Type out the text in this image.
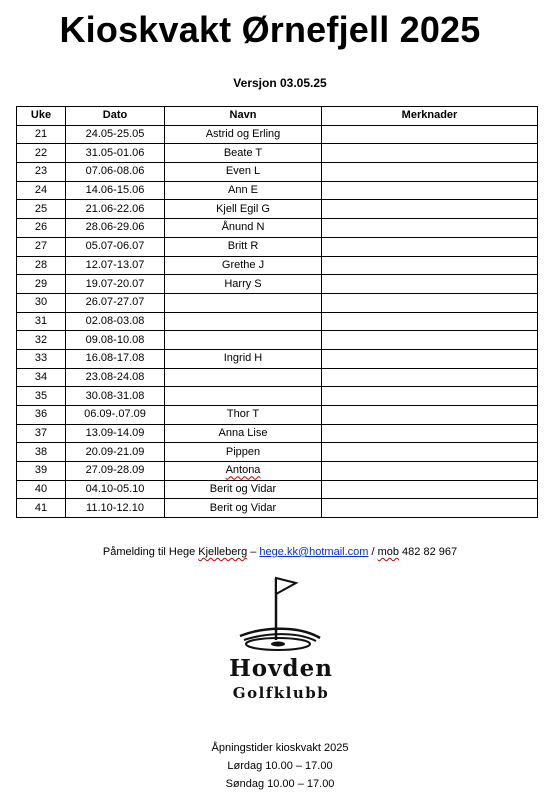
Kioskvakt Ørnefjell 2025
Versjon 03.05.25
Uke	Dato	Navn	Merknader
21	24.05-25.05	Astrid og Erling	
22	31.05-01.06	Beate T	
23	07.06-08.06	Even L	
24	14.06-15.06	Ann E	
25	21.06-22.06	Kjell Egil G	
26	28.06-29.06	Ånund N	
27	05.07-06.07	Britt R	
28	12.07-13.07	Grethe J	
29	19.07-20.07	Harry S	
30	26.07-27.07		
31	02.08-03.08		
32	09.08-10.08		
33	16.08-17.08	Ingrid H	
34	23.08-24.08		
35	30.08-31.08		
36	06.09-.07.09	Thor T	
37	13.09-14.09	Anna Lise	
38	20.09-21.09	Pippen	
39	27.09-28.09	Antona	
40	04.10-05.10	Berit og Vidar	
41	11.10-12.10	Berit og Vidar	
Påmelding til Hege Kjelleberg – hege.kk@hotmail.com / mob 482 82 967
Hovden
Golfklubb
Åpningstider kioskvakt 2025
Lørdag 10.00 – 17.00
Søndag 10.00 – 17.00
